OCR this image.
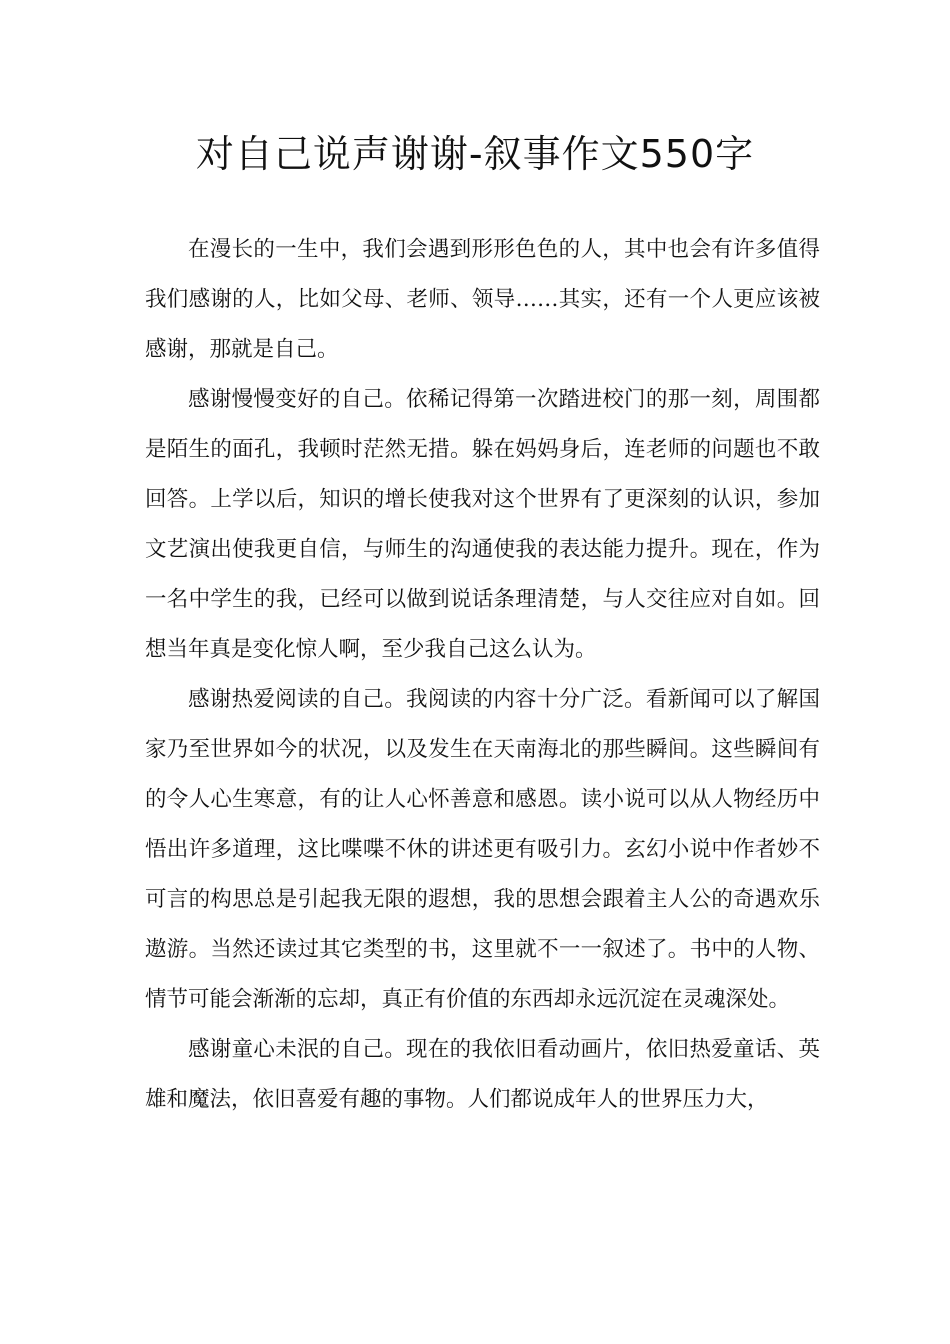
对自己说声谢谢-叙事作文550字

在漫长的一生中，我们会遇到形形色色的人，其中也会有许多值得我们感谢的人，比如父母、老师、领导……其实，还有一个人更应该被感谢，那就是自己。

感谢慢慢变好的自己。依稀记得第一次踏进校门的那一刻，周围都是陌生的面孔，我顿时茫然无措。躲在妈妈身后，连老师的问题也不敢回答。上学以后，知识的增长使我对这个世界有了更深刻的认识，参加文艺演出使我更自信，与师生的沟通使我的表达能力提升。现在，作为一名中学生的我，已经可以做到说话条理清楚，与人交往应对自如。回想当年真是变化惊人啊，至少我自己这么认为。

感谢热爱阅读的自己。我阅读的内容十分广泛。看新闻可以了解国家乃至世界如今的状况，以及发生在天南海北的那些瞬间。这些瞬间有的令人心生寒意，有的让人心怀善意和感恩。读小说可以从人物经历中悟出许多道理，这比喋喋不休的讲述更有吸引力。玄幻小说中作者妙不可言的构思总是引起我无限的遐想，我的思想会跟着主人公的奇遇欢乐遨游。当然还读过其它类型的书，这里就不一一叙述了。书中的人物、情节可能会渐渐的忘却，真正有价值的东西却永远沉淀在灵魂深处。

感谢童心未泯的自己。现在的我依旧看动画片，依旧热爱童话、英雄和魔法，依旧喜爱有趣的事物。人们都说成年人的世界压力大，
